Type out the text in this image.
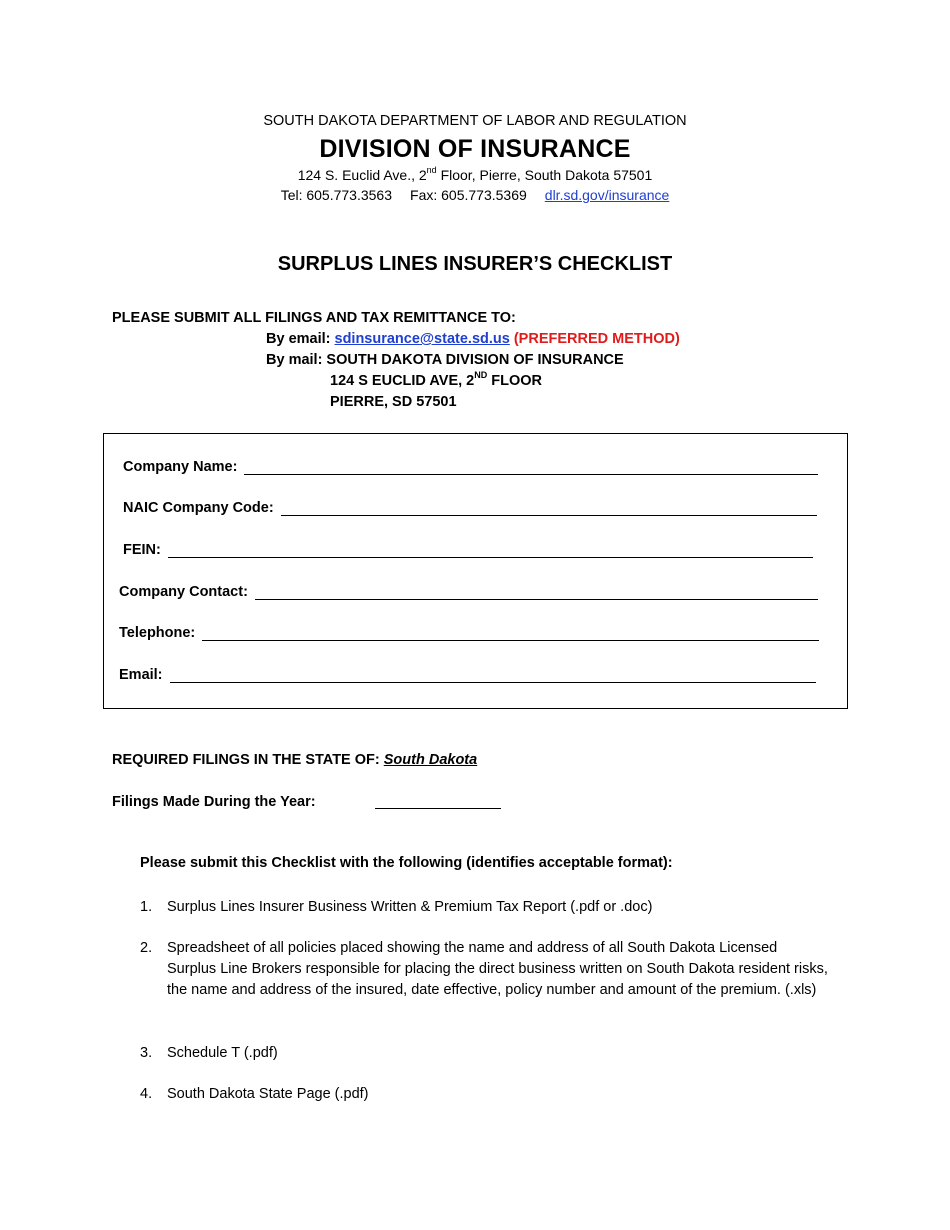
SOUTH DAKOTA DEPARTMENT OF LABOR AND REGULATION
DIVISION OF INSURANCE
124 S. Euclid Ave., 2nd Floor, Pierre, South Dakota 57501
Tel: 605.773.3563 Fax: 605.773.5369 dlr.sd.gov/insurance
SURPLUS LINES INSURER’S CHECKLIST
PLEASE SUBMIT ALL FILINGS AND TAX REMITTANCE TO:
By email: sdinsurance@state.sd.us (PREFERRED METHOD)
By mail: SOUTH DAKOTA DIVISION OF INSURANCE
124 S EUCLID AVE, 2ND FLOOR
PIERRE, SD 57501
Company Name:
NAIC Company Code:
FEIN:
Company Contact:
Telephone:
Email:
REQUIRED FILINGS IN THE STATE OF: South Dakota
Filings Made During the Year:
Please submit this Checklist with the following (identifies acceptable format):
1.	Surplus Lines Insurer Business Written & Premium Tax Report (.pdf or .doc)
2.	Spreadsheet of all policies placed showing the name and address of all South Dakota Licensed Surplus Line Brokers responsible for placing the direct business written on South Dakota resident risks, the name and address of the insured, date effective, policy number and amount of the premium. (.xls)
3.	Schedule T (.pdf)
4.	South Dakota State Page (.pdf)
